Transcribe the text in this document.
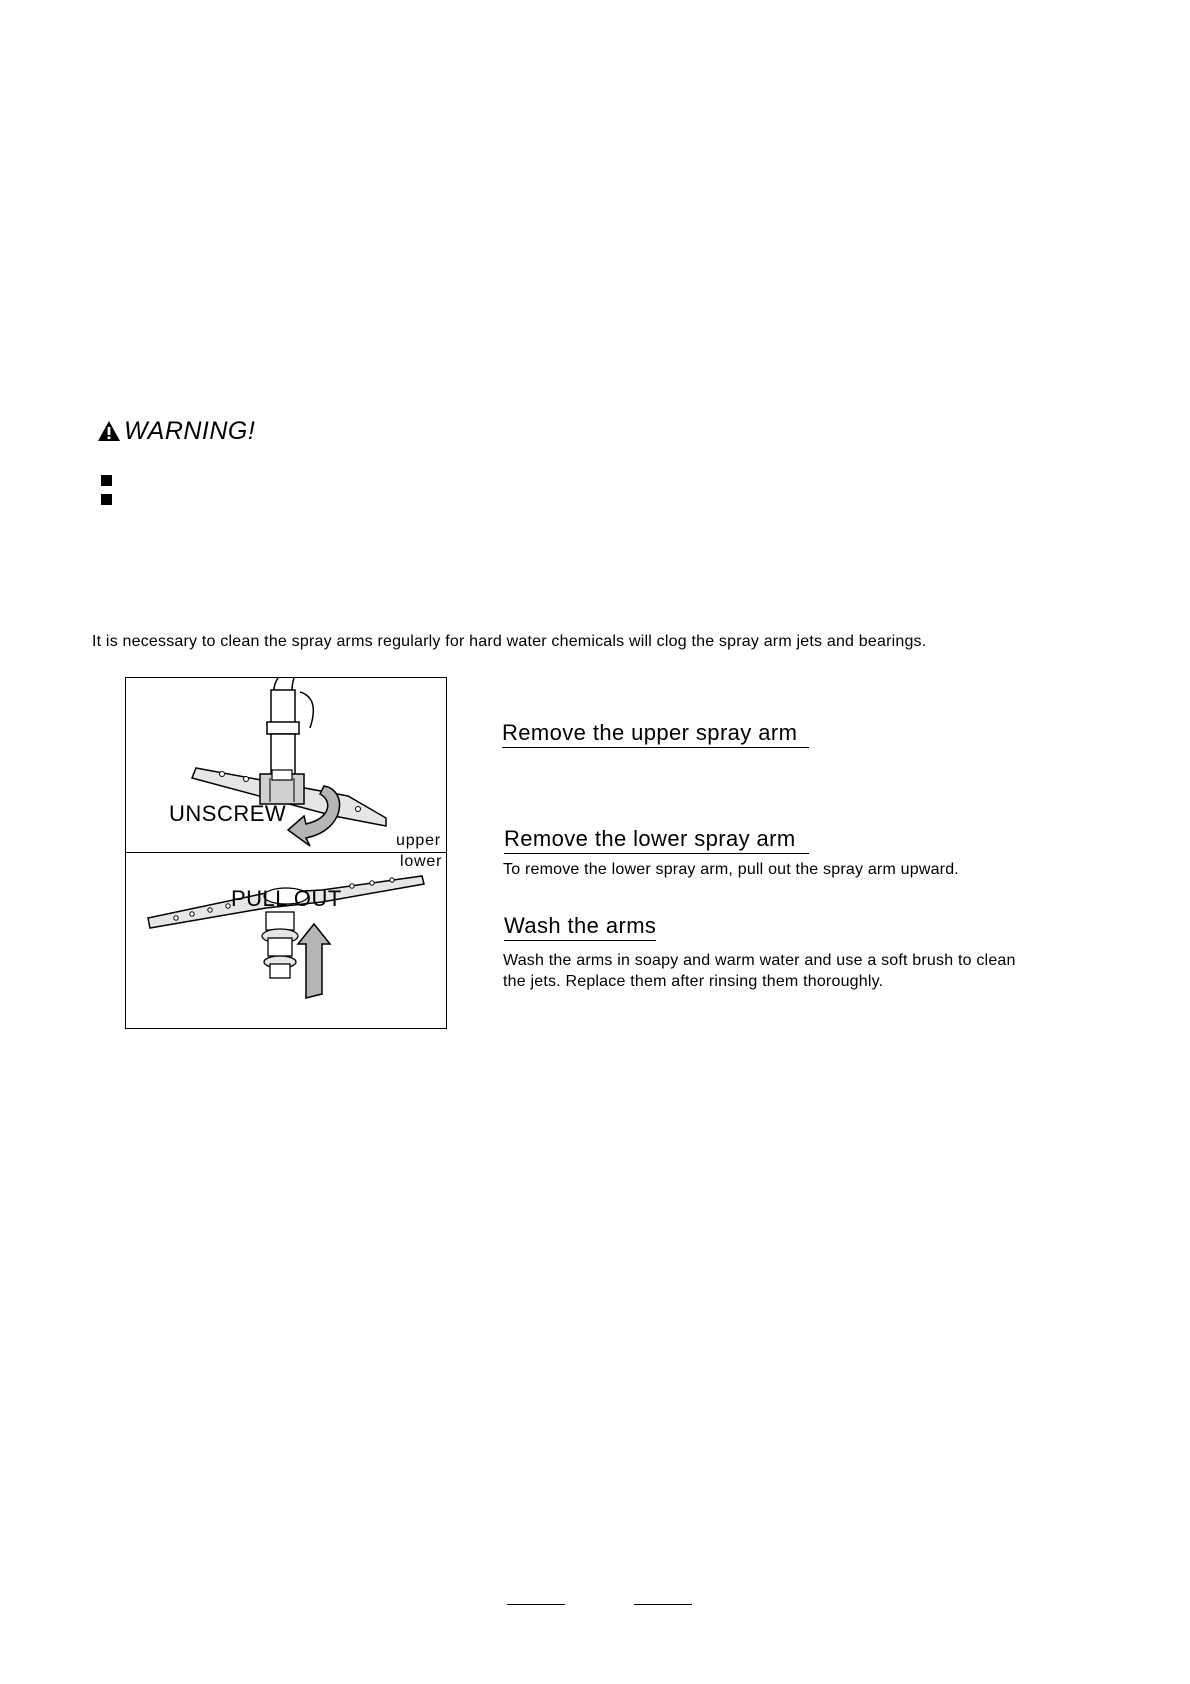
WARNING!
It is necessary to clean the spray arms regularly for hard water chemicals will clog the spray arm jets and bearings.
UNSCREW
PULL OUT
upper
lower
Remove the upper spray arm
Remove the lower spray arm
To remove the lower spray arm, pull out the spray arm upward.
Wash the arms
Wash the arms in soapy and warm water and use a soft brush to clean
the jets. Replace them after rinsing them thoroughly.
